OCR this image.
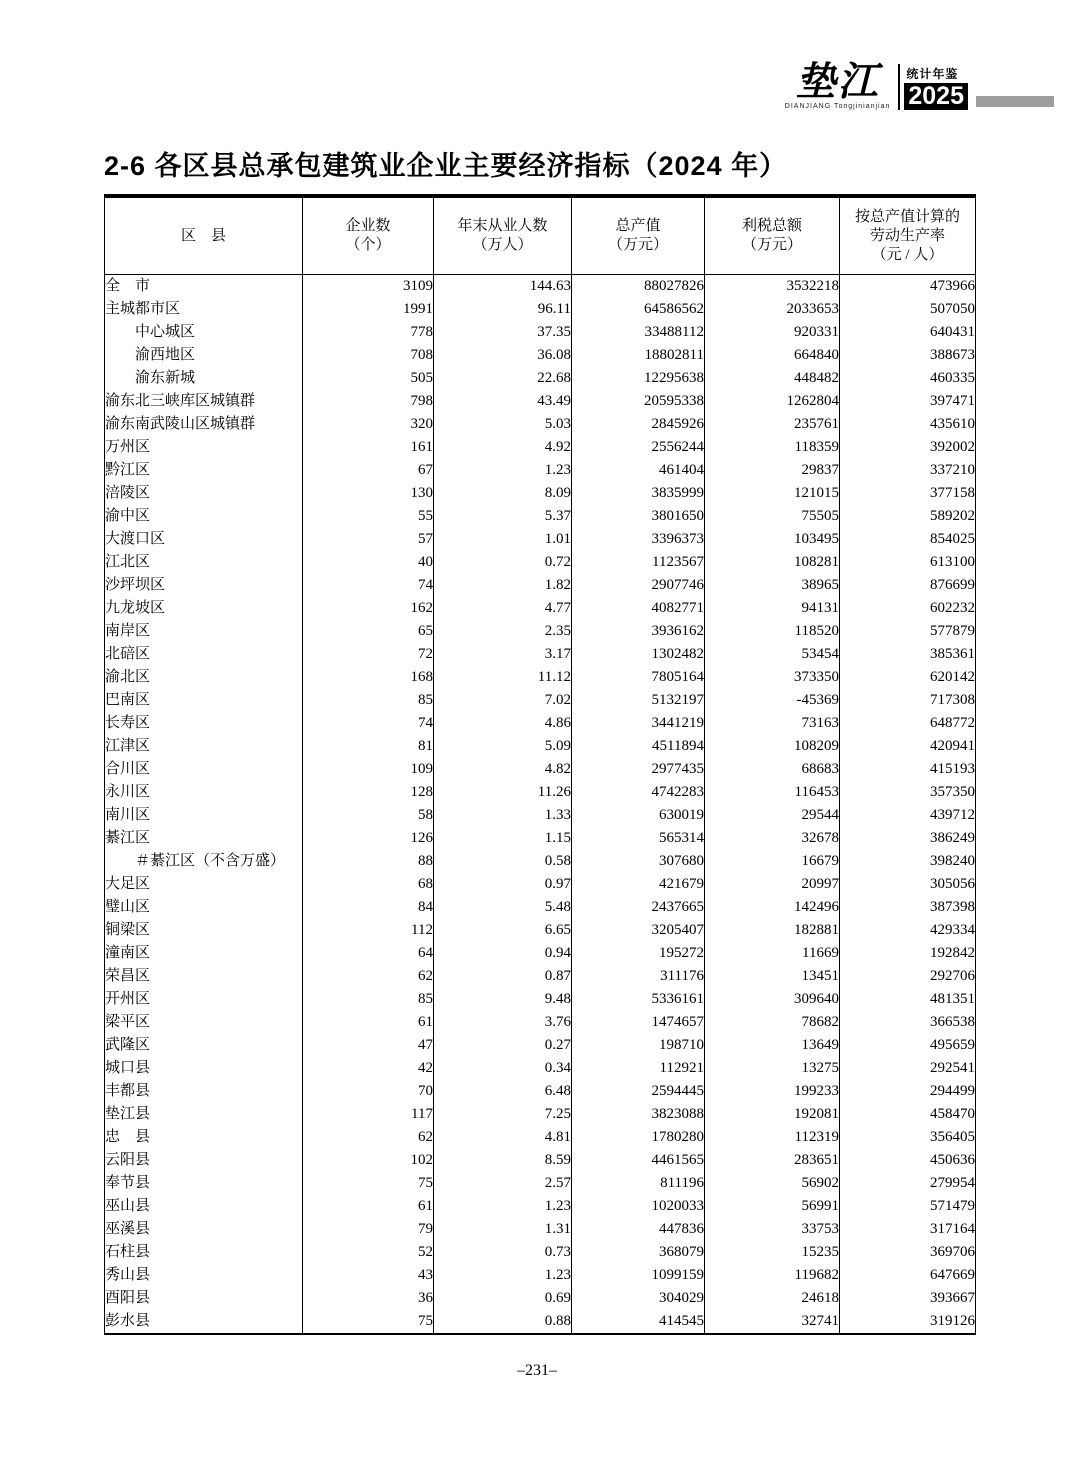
垫江
DIANJIANG Tongjinianjian
统计年鉴
2025
2-6 各区县总承包建筑业企业主要经济指标（2024 年）
区　县

企业数
（个）

年末从业人数
（万人）

总产值
（万元）

利税总额
（万元）

按总产值计算的
劳动生产率
（元 / 人）

全　市	3109	144.63	88027826	3532218	473966
主城都市区	1991	96.11	64586562	2033653	507050
中心城区	778	37.35	33488112	920331	640431
渝西地区	708	36.08	18802811	664840	388673
渝东新城	505	22.68	12295638	448482	460335
渝东北三峡库区城镇群	798	43.49	20595338	1262804	397471
渝东南武陵山区城镇群	320	5.03	2845926	235761	435610
万州区	161	4.92	2556244	118359	392002
黔江区	67	1.23	461404	29837	337210
涪陵区	130	8.09	3835999	121015	377158
渝中区	55	5.37	3801650	75505	589202
大渡口区	57	1.01	3396373	103495	854025
江北区	40	0.72	1123567	108281	613100
沙坪坝区	74	1.82	2907746	38965	876699
九龙坡区	162	4.77	4082771	94131	602232
南岸区	65	2.35	3936162	118520	577879
北碚区	72	3.17	1302482	53454	385361
渝北区	168	11.12	7805164	373350	620142
巴南区	85	7.02	5132197	-45369	717308
长寿区	74	4.86	3441219	73163	648772
江津区	81	5.09	4511894	108209	420941
合川区	109	4.82	2977435	68683	415193
永川区	128	11.26	4742283	116453	357350
南川区	58	1.33	630019	29544	439712
綦江区	126	1.15	565314	32678	386249
＃綦江区（不含万盛）	88	0.58	307680	16679	398240
大足区	68	0.97	421679	20997	305056
璧山区	84	5.48	2437665	142496	387398
铜梁区	112	6.65	3205407	182881	429334
潼南区	64	0.94	195272	11669	192842
荣昌区	62	0.87	311176	13451	292706
开州区	85	9.48	5336161	309640	481351
梁平区	61	3.76	1474657	78682	366538
武隆区	47	0.27	198710	13649	495659
城口县	42	0.34	112921	13275	292541
丰都县	70	6.48	2594445	199233	294499
垫江县	117	7.25	3823088	192081	458470
忠　县	62	4.81	1780280	112319	356405
云阳县	102	8.59	4461565	283651	450636
奉节县	75	2.57	811196	56902	279954
巫山县	61	1.23	1020033	56991	571479
巫溪县	79	1.31	447836	33753	317164
石柱县	52	0.73	368079	15235	369706
秀山县	43	1.23	1099159	119682	647669
酉阳县	36	0.69	304029	24618	393667
彭水县	75	0.88	414545	32741	319126
–231–
